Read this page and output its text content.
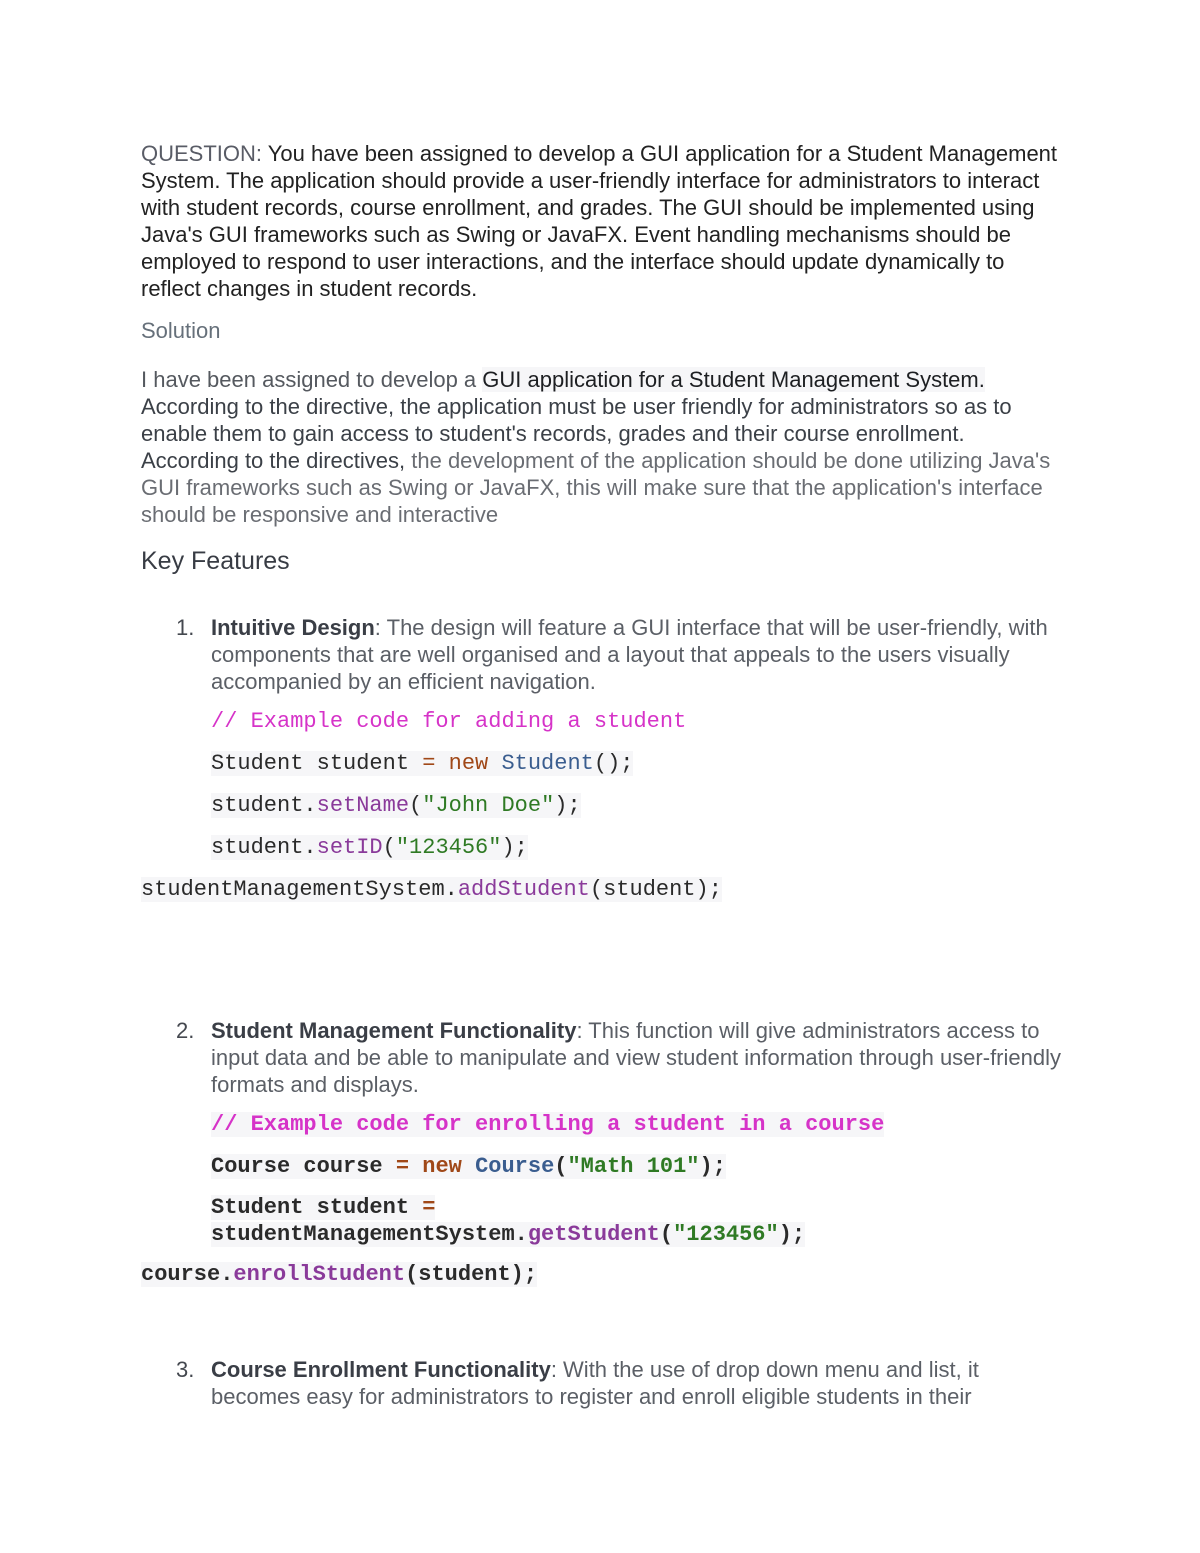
QUESTION: You have been assigned to develop a GUI application for a Student Management System. The application should provide a user-friendly interface for administrators to interact with student records, course enrollment, and grades. The GUI should be implemented using Java's GUI frameworks such as Swing or JavaFX. Event handling mechanisms should be employed to respond to user interactions, and the interface should update dynamically to reflect changes in student records.

Solution

I have been assigned to develop a GUI application for a Student Management System. According to the directive, the application must be user friendly for administrators so as to enable them to gain access to student's records, grades and their course enrollment. According to the directives, the development of the application should be done utilizing Java's GUI frameworks such as Swing or JavaFX, this will make sure that the application's interface should be responsive and interactive

Key Features
1. Intuitive Design: The design will feature a GUI interface that will be user-friendly, with components that are well organised and a layout that appeals to the users visually accompanied by an efficient navigation.
// Example code for adding a student
Student student = new Student();
student.setName("John Doe");
student.setID("123456");
studentManagementSystem.addStudent(student);
2. Student Management Functionality: This function will give administrators access to input data and be able to manipulate and view student information through user-friendly formats and displays.
// Example code for enrolling a student in a course
Course course = new Course("Math 101");
Student student =
studentManagementSystem.getStudent("123456");
course.enrollStudent(student);
3. Course Enrollment Functionality: With the use of drop down menu and list, it becomes easy for administrators to register and enroll eligible students in their
